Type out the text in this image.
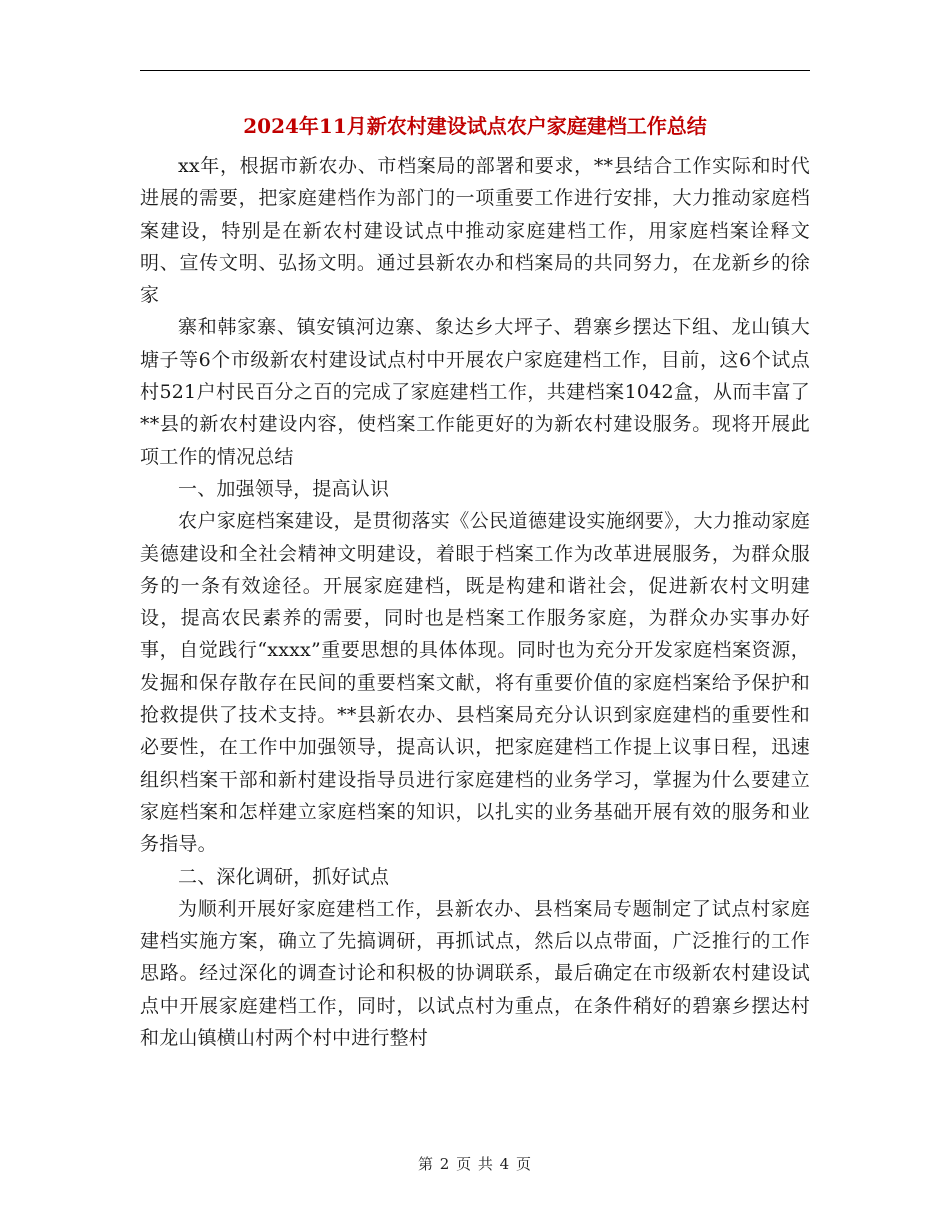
2024年11月新农村建设试点农户家庭建档工作总结

xx年，根据市新农办、市档案局的部署和要求，**县结合工作实际和时代进展的需要，把家庭建档作为部门的一项重要工作进行安排，大力推动家庭档案建设，特别是在新农村建设试点中推动家庭建档工作，用家庭档案诠释文明、宣传文明、弘扬文明。通过县新农办和档案局的共同努力，在龙新乡的徐家

寨和韩家寨、镇安镇河边寨、象达乡大坪子、碧寨乡摆达下组、龙山镇大塘子等6个市级新农村建设试点村中开展农户家庭建档工作，目前，这6个试点村521户村民百分之百的完成了家庭建档工作，共建档案1042盒，从而丰富了**县的新农村建设内容，使档案工作能更好的为新农村建设服务。现将开展此项工作的情况总结

一、加强领导，提高认识

农户家庭档案建设，是贯彻落实《公民道德建设实施纲要》，大力推动家庭美德建设和全社会精神文明建设，着眼于档案工作为改革进展服务，为群众服务的一条有效途径。开展家庭建档，既是构建和谐社会，促进新农村文明建设，提高农民素养的需要，同时也是档案工作服务家庭，为群众办实事办好事，自觉践行“xxxx”重要思想的具体体现。同时也为充分开发家庭档案资源，发掘和保存散存在民间的重要档案文献，将有重要价值的家庭档案给予保护和抢救提供了技术支持。**县新农办、县档案局充分认识到家庭建档的重要性和必要性，在工作中加强领导，提高认识，把家庭建档工作提上议事日程，迅速组织档案干部和新村建设指导员进行家庭建档的业务学习，掌握为什么要建立家庭档案和怎样建立家庭档案的知识，以扎实的业务基础开展有效的服务和业务指导。

二、深化调研，抓好试点

为顺利开展好家庭建档工作，县新农办、县档案局专题制定了试点村家庭建档实施方案，确立了先搞调研，再抓试点，然后以点带面，广泛推行的工作思路。经过深化的调查讨论和积极的协调联系，最后确定在市级新农村建设试点中开展家庭建档工作，同时，以试点村为重点，在条件稍好的碧寨乡摆达村和龙山镇横山村两个村中进行整村

第 2 页 共 4 页
